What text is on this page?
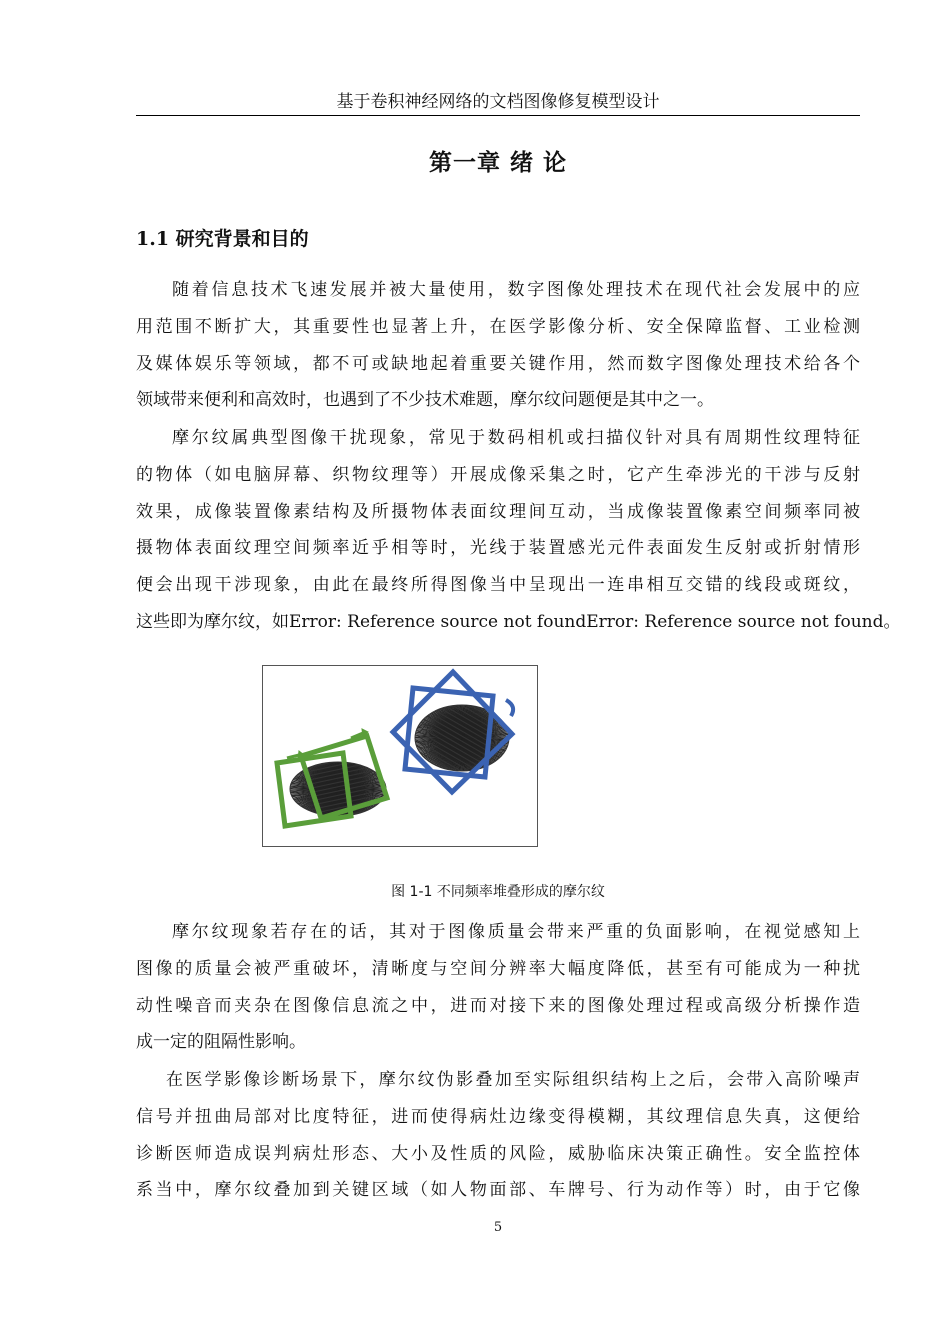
基于卷积神经网络的文档图像修复模型设计
第一章 绪 论
1.1 研究背景和目的
随着信息技术飞速发展并被大量使用，数字图像处理技术在现代社会发展中的应
用范围不断扩大，其重要性也显著上升，在医学影像分析、安全保障监督、工业检测
及媒体娱乐等领域，都不可或缺地起着重要关键作用，然而数字图像处理技术给各个
领域带来便利和高效时，也遇到了不少技术难题，摩尔纹问题便是其中之一。
摩尔纹属典型图像干扰现象，常见于数码相机或扫描仪针对具有周期性纹理特征
的物体（如电脑屏幕、织物纹理等）开展成像采集之时，它产生牵涉光的干涉与反射
效果，成像装置像素结构及所摄物体表面纹理间互动，当成像装置像素空间频率同被
摄物体表面纹理空间频率近乎相等时，光线于装置感光元件表面发生反射或折射情形
便会出现干涉现象，由此在最终所得图像当中呈现出一连串相互交错的线段或斑纹，
这些即为摩尔纹，如Error: Reference source not foundError: Reference source not found。
图 1-1 不同频率堆叠形成的摩尔纹
摩尔纹现象若存在的话，其对于图像质量会带来严重的负面影响，在视觉感知上
图像的质量会被严重破坏，清晰度与空间分辨率大幅度降低，甚至有可能成为一种扰
动性噪音而夹杂在图像信息流之中，进而对接下来的图像处理过程或高级分析操作造
成一定的阻隔性影响。
在医学影像诊断场景下，摩尔纹伪影叠加至实际组织结构上之后，会带入高阶噪声
信号并扭曲局部对比度特征，进而使得病灶边缘变得模糊，其纹理信息失真，这便给
诊断医师造成误判病灶形态、大小及性质的风险，威胁临床决策正确性。安全监控体
系当中，摩尔纹叠加到关键区域（如人物面部、车牌号、行为动作等）时，由于它像
5
